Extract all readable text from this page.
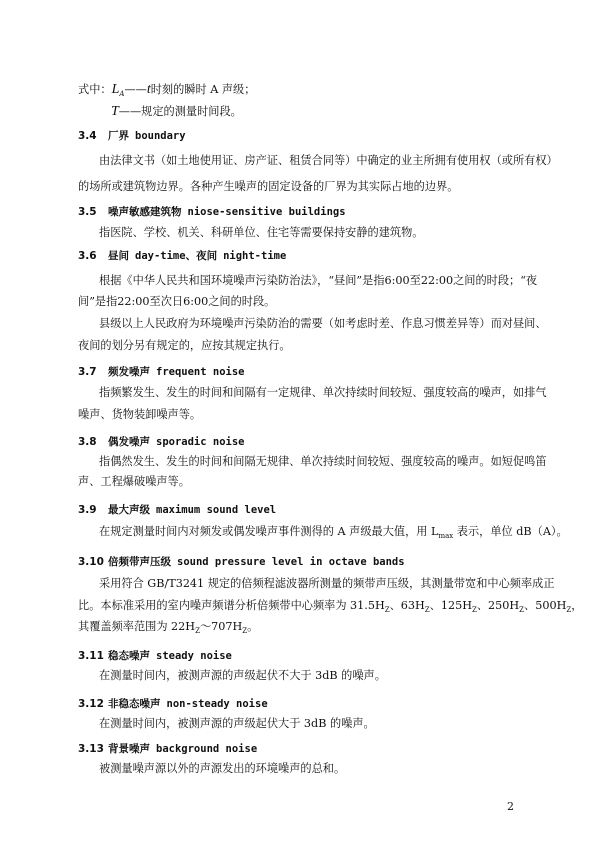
式中：$L_A——t$时刻的瞬时 A 声级；
T——规定的测量时间段。
3.4 厂界 boundary
由法律文书（如土地使用证、房产证、租赁合同等）中确定的业主所拥有使用权（或所有权）
的场所或建筑物边界。各种产生噪声的固定设备的厂界为其实际占地的边界。
3.5 噪声敏感建筑物 niose-sensitive buildings
指医院、学校、机关、科研单位、住宅等需要保持安静的建筑物。
3.6 昼间 day-time、夜间 night-time
根据《中华人民共和国环境噪声污染防治法》，“昼间”是指6:00至22:00之间的时段；“夜
间”是指22:00至次日6:00之间的时段。
县级以上人民政府为环境噪声污染防治的需要（如考虑时差、作息习惯差异等）而对昼间、
夜间的划分另有规定的，应按其规定执行。
3.7 频发噪声 frequent noise
指频繁发生、发生的时间和间隔有一定规律、单次持续时间较短、强度较高的噪声，如排气
噪声、货物装卸噪声等。
3.8 偶发噪声 sporadic noise
指偶然发生、发生的时间和间隔无规律、单次持续时间较短、强度较高的噪声。如短促鸣笛
声、工程爆破噪声等。
3.9 最大声级 maximum sound level
在规定测量时间内对频发或偶发噪声事件测得的 A 声级最大值，用 $L_{max}$ 表示，单位 dB（A）。
3.10 倍频带声压级 sound pressure level in octave bands
采用符合 GB/T3241 规定的倍频程滤波器所测量的频带声压级，其测量带宽和中心频率成正
比。本标准采用的室内噪声频谱分析倍频带中心频率为 $31.5H_Z$、$63H_Z$、$125H_Z$、$250H_Z$、$500H_Z$，
其覆盖频率范围为 $22H_Z\sim 707H_Z$。
3.11 稳态噪声 steady noise
在测量时间内，被测声源的声级起伏不大于 3dB 的噪声。
3.12 非稳态噪声 non-steady noise
在测量时间内，被测声源的声级起伏大于 3dB 的噪声。
3.13 背景噪声 background noise
被测量噪声源以外的声源发出的环境噪声的总和。
2
